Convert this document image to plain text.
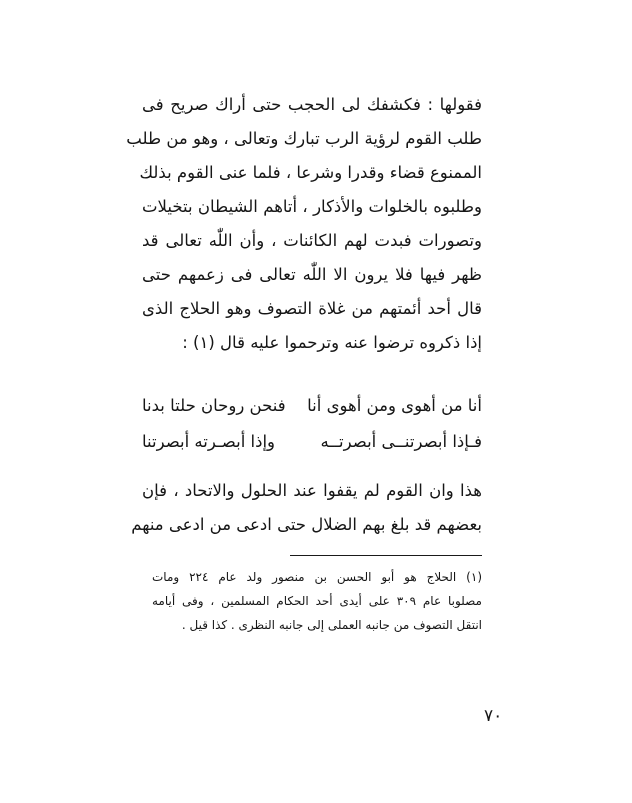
فقولها : فكشفك لى الحجب حتى أراك صريح فى
طلب القوم لرؤية الرب تبارك وتعالى ، وهو من طلب
الممنوع قضاء وقدرا وشرعا ، فلما عنى القوم بذلك
وطلبوه بالخلوات والأذكار ، أتاهم الشيطان بتخيلات
وتصورات فبدت لهم الكائنات ، وأن اللّٰه تعالى قد
ظهر فيها فلا يرون الا اللّٰه تعالى فى زعمهم حتى
قال أحد أئمتهم من غلاة التصوف وهو الحلاج الذى
إذا ذكروه ترضوا عنه وترحموا عليه قال (١) :
أنا من أهوى ومن أهوى أنا
فنحن روحان حلتا بدنا
فـإذا أبصرتنــى أبصرتــه
وإذا أبصـرته أبصرتنا
هذا وان القوم لم يقفوا عند الحلول والاتحاد ، فإن
بعضهم قد بلغ بهم الضلال حتى ادعى من ادعى منهم
(١) الحلاج هو أبو الحسن بن منصور ولد عام ٢٢٤ ومات
مصلوبا عام ٣٠٩ على أيدى أحد الحكام المسلمين ، وفى أيامه
انتقل التصوف من جانبه العملى إلى جانبه النظرى . كذا قيل .
٧٠
